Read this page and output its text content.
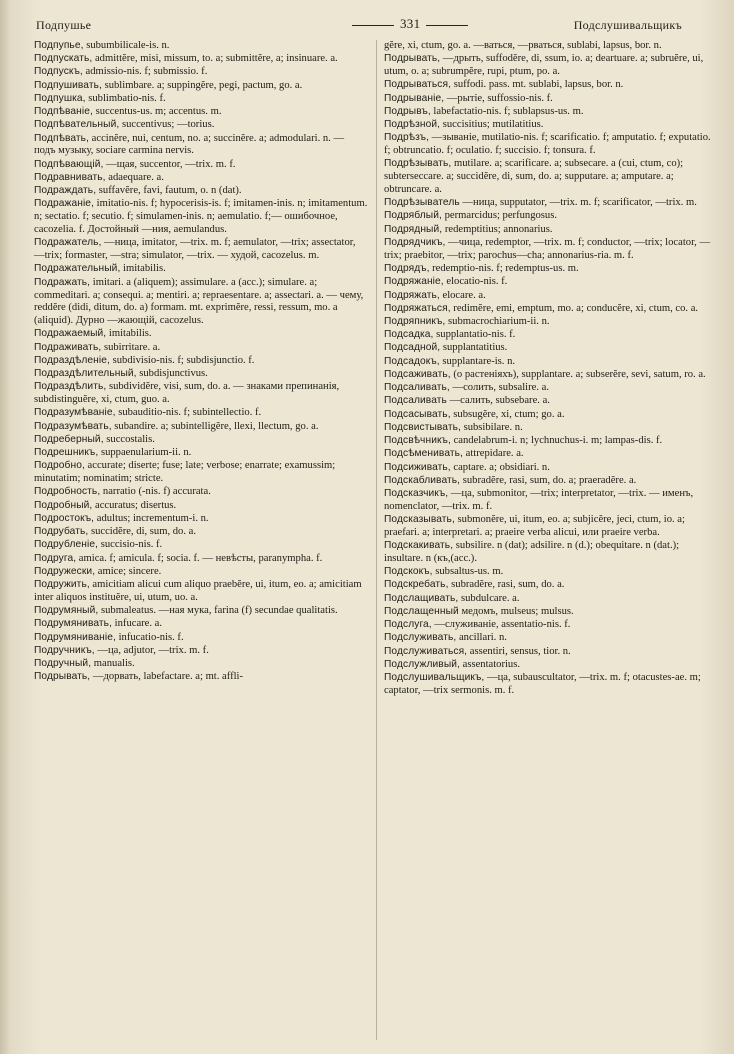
Подпушье	331	Подслушивальщикъ

Подпупье, subumbilicale-is. n.

Подпускать, admittĕre, misi, missum, to. a; submittĕre, a; insinuare. a.

Подпускъ, admissio-nis. f; submissio. f.

Подпушивать, sublimbare. a; suppingĕre, pegi, pactum, go. a.

Подпушка, sublimbatio-nis. f.

Подпѣваніе, succentus-us. m; accentus. m.

Подпѣвательный, succentivus; —torius.

Подпѣвать, accinĕre, nui, centum, no. a; succinĕre. a; admodulari. n. — подъ музыку, sociare carmina nervis.

Подпѣвающій, —щая, succentor, —trix. m. f.

Подравнивать, adaequare. a.

Подраждать, suffavĕre, favi, fautum, o. n (dat).

Подражаніе, imitatio-nis. f; hypocerisis-is. f; imitamen-inis. n; imitamentum. n; sectatio. f; secutio. f; simulamen-inis. n; aemulatio. f;— ошибочное, cacozelia. f. Достойный —ния, aemulandus.

Подражатель, —ница, imitator, —trix. m. f; aemulator, —trix; assectator, —trix; formaster, —stra; simulator, —trix. — худой, cacozelus. m.

Подражательный, imitabilis.

Подражать, imitari. a (aliquem); assimulare. a (acc.); simulare. a; commeditari. a; consequi. a; mentiri. a; repraesentare. a; assectari. a. — чему, reddĕre (didi, ditum, do. a) formam. mt. exprimĕre, ressi, ressum, mo. a (aliquid). Дурно —жающій, cacozelus.

Подражаемый, imitabilis.

Подраживать, subirritare. a.

Подраздѣленіе, subdivisio-nis. f; subdisjunctio. f.

Подраздѣлительный, subdisjunctivus.

Подраздѣлить, subdividĕre, visi, sum, do. a. — знаками препинанія, subdistinguĕre, xi, ctum, guo. a.

Подразумѣваніе, subauditio-nis. f; subintellectio. f.

Подразумѣвать, subandire. a; subintelligĕre, llexi, llectum, go. a.

Подреберный, succostalis.

Подрешникъ, suppaenularium-ii. n.

Подробно, accurate; diserte; fuse; late; verbose; enarrate; examussim; minutatim; nominatim; stricte.

Подробность, narratio (-nis. f) accurata.

Подробный, accuratus; disertus.

Подростокъ, adultus; incrementum-i. n.

Подрубать, succidĕre, di, sum, do. a.

Подрубленіе, succisio-nis. f.

Подруга, amica. f; amicula. f; socia. f. — невѣсты, paranympha. f.

Подружески, amice; sincere.

Подружить, amicitiam alicui cum aliquo praebĕre, ui, itum, eo. a; amicitiam inter aliquos instituĕre, ui, utum, uo. a.

Подрумяный, submaleatus. —ная мука, farina (f) secundae qualitatis.

Подрумянивать, infucare. a.

Подрумяниваніе, infucatio-nis. f.

Подручникъ, —ца, adjutor, —trix. m. f.

Подручный, manualis.

Подрывать, —дорвать, labefactare. a; mt. affli-

gĕre, xi, ctum, go. a. —ваться, —рваться, sublabi, lapsus, bor. n.

Подрывать, —дрыть, suffodĕre, di, ssum, io. a; deartuare. a; subruĕre, ui, utum, o. a; subrumpĕre, rupi, ptum, po. a.

Подрываться, suffodi. pass. mt. sublabi, lapsus, bor. n.

Подрываніе, —рытіе, suffossio-nis. f.

Подрывъ, labefactatio-nis. f; sublapsus-us. m.

Подрѣзной, succisitius; mutilatitius.

Подрѣзъ, —зываніе, mutilatio-nis. f; scarificatio. f; amputatio. f; exputatio. f; obtruncatio. f; oculatio. f; succisio. f; tonsura. f.

Подрѣзывать, mutilare. a; scarificare. a; subsecare. a (cui, ctum, co); subterseccare. a; succidĕre, di, sum, do. a; supputare. a; amputare. a; obtruncare. a.

Подрѣзыватель —ница, supputator, —trix. m. f; scarificator, —trix. m.

Подряблый, permarcidus; perfungosus.

Подрядный, redemptitius; annonarius.

Подрядчикъ, —чица, redemptor, —trix. m. f; conductor, —trix; locator, —trix; praebitor, —trix; parochus—cha; annonarius-ria. m. f.

Подрядъ, redemptio-nis. f; redemptus-us. m.

Подряжаніе, elocatio-nis. f.

Подряжать, elocare. a.

Подряжаться, redimĕre, emi, emptum, mo. a; conducĕre, xi, ctum, co. a.

Подряпникъ, submacrochiarium-ii. n.

Подсадка, supplantatio-nis. f.

Подсадной, supplantatitius.

Подсадокъ, supplantare-is. n.

Подсаживать, (о растеніяхъ), supplantare. a; subserĕre, sevi, satum, ro. a.

Подсаливать, —солить, subsalire. a.

Подсаливать —салить, subsebare. a.

Подсасывать, subsugĕre, xi, ctum; go. a.

Подсвистывать, subsibilare. n.

Подсвѣчникъ, candelabrum-i. n; lychnuchus-i. m; lampas-dis. f.

Подсѣменивать, attrepidare. a.

Подсиживать, captare. a; obsidiari. n.

Подскабливать, subradĕre, rasi, sum, do. a; praeradĕre. a.

Подсказчикъ, —ца, submonitor, —trix; interpretator, —trix. — именъ, nomenclator, —trix. m. f.

Подсказывать, submonĕre, ui, itum, eo. a; subjicĕre, jeci, ctum, io. a; praefari. a; interpretari. a; praeire verba alicui, или praeire verba.

Подскакивать, subsilire. n (dat); adsilire. n (d.); obequitare. n (dat.); insultare. n (къ,(acc.).

Подскокъ, subsaltus-us. m.

Подскребать, subradĕre, rasi, sum, do. a.

Подслащивать, subdulcare. a.

Подслащенный медомъ, mulseus; mulsus.

Подслуга, —служиваніе, assentatio-nis. f.

Подслуживать, ancillari. n.

Подслуживаться, assentiri, sensus, tior. n.

Подслужливый, assentatorius.

Подслушивальщикъ, —ца, subauscultator, —trix. m. f; otacustes-ae. m; captator, —trix sermonis. m. f.
